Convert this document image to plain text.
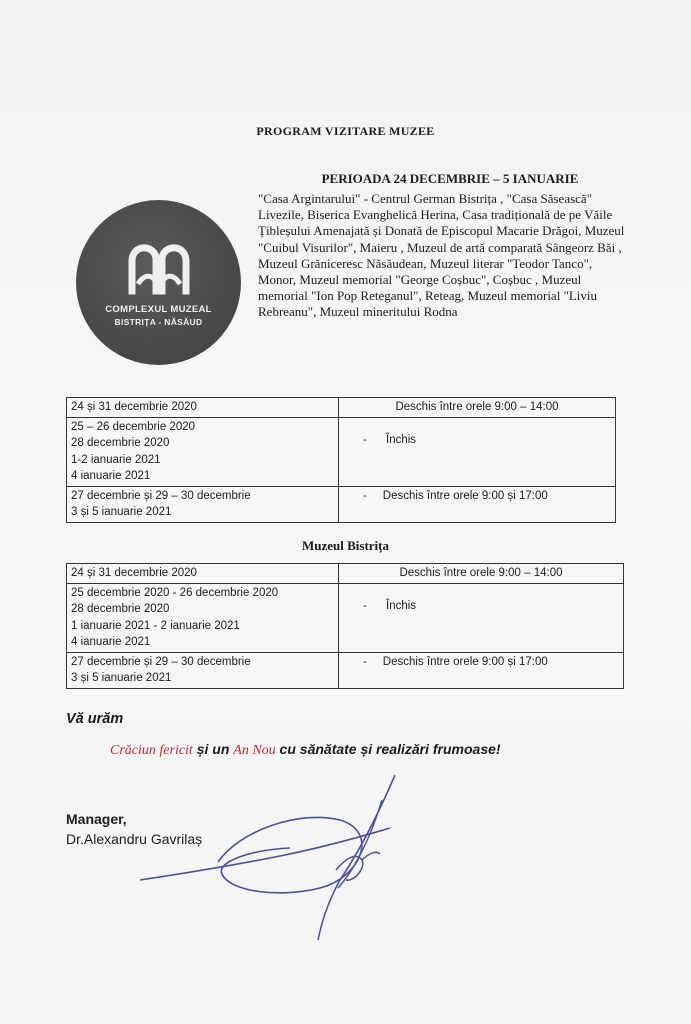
PROGRAM VIZITARE MUZEE
PERIOADA 24 DECEMBRIE – 5 IANUARIE
COMPLEXUL MUZEAL
BISTRIȚA - NĂSĂUD
"Casa Argintarului" - Centrul German Bistrița , "Casa Săsească" Livezile, Biserica Evanghelică Herina, Casa tradițională de pe Văile Țibleșului Amenajată și Donată de Episcopul Macarie Drăgoi, Muzeul "Cuibul Visurilor", Maieru , Muzeul de artă comparată Sângeorz Băi , Muzeul Grăniceresc Năsăudean, Muzeul literar "Teodor Tanco", Monor, Muzeul memorial "George Coșbuc", Coșbuc , Muzeul memorial "Ion Pop Reteganul", Reteag, Muzeul memorial "Liviu Rebreanu", Muzeul mineritului Rodna
24 și 31 decembrie 2020	Deschis între orele 9:00 – 14:00

25 – 26 decembrie 2020
28 decembrie 2020
1-2 ianuarie 2021
4 ianuarie 2021	-      Închis

27 decembrie și 29 – 30 decembrie
3 și 5 ianuarie 2021	-     Deschis între orele 9:00 și 17:00
Muzeul Bistrița
24 și 31 decembrie 2020	Deschis între orele 9:00 – 14:00

25 decembrie 2020 - 26 decembrie 2020
28 decembrie 2020
1 ianuarie 2021 - 2 ianuarie 2021
4 ianuarie 2021	-      Închis

27 decembrie și 29 – 30 decembrie
3 și 5 ianuarie 2021	-     Deschis între orele 9:00 și 17:00
Vă urăm
Crăciun fericit și un An Nou cu sănătate și realizări frumoase!
Manager,
Dr.Alexandru Gavrilaș
